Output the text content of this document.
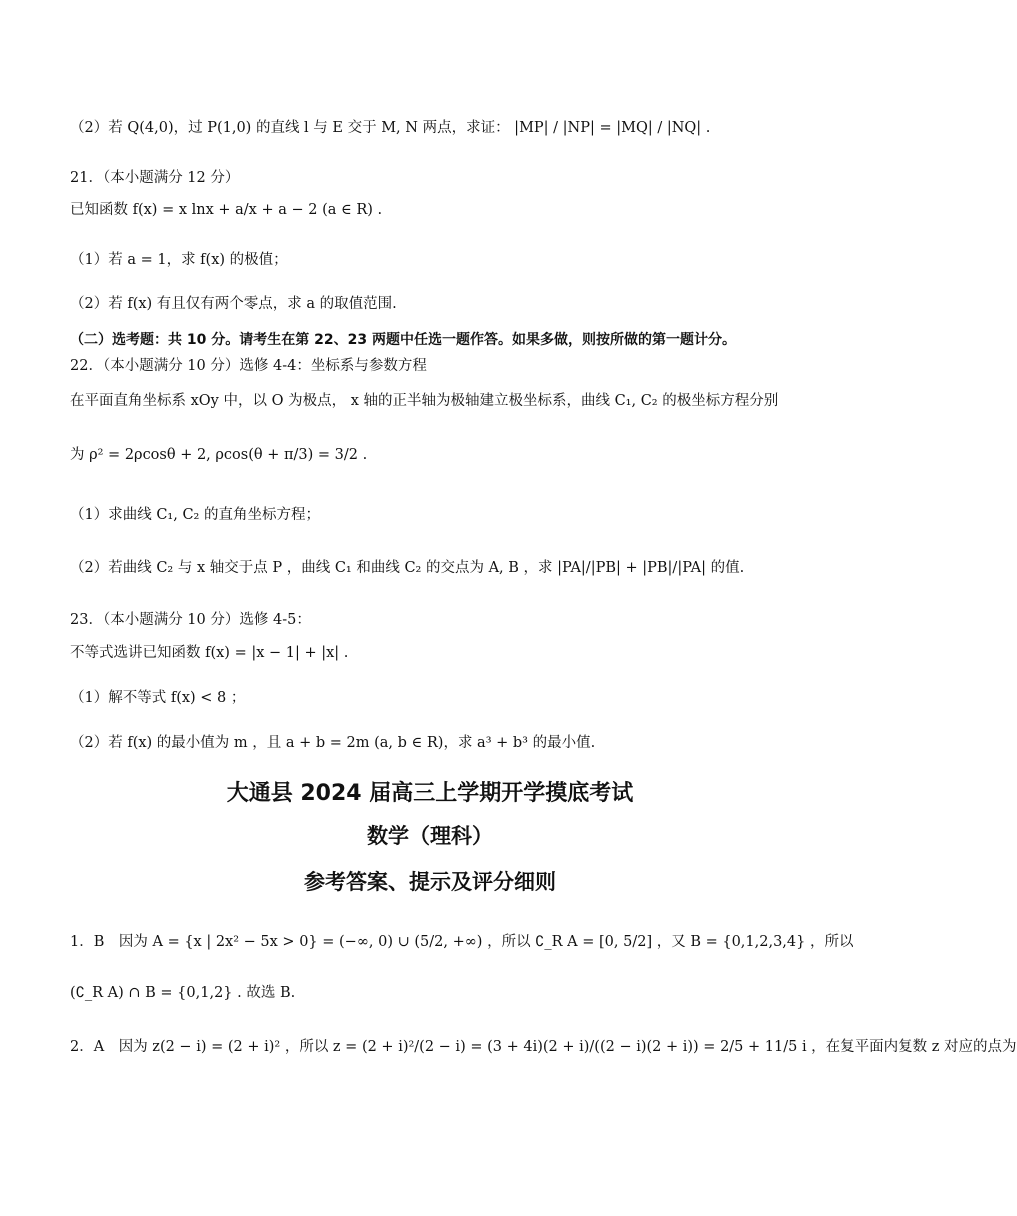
（2）若 Q(4,0)，过 P(1,0) 的直线 l 与 E 交于 M, N 两点，求证： |MP| / |NP| = |MQ| / |NQ| .
21．（本小题满分 12 分）
已知函数 f(x) = x lnx + a/x + a − 2 (a ∈ R) .
（1）若 a = 1，求 f(x) 的极值；
（2）若 f(x) 有且仅有两个零点，求 a 的取值范围.
（二）选考题：共 10 分。请考生在第 22、23 两题中任选一题作答。如果多做，则按所做的第一题计分。
22．（本小题满分 10 分）选修 4-4：坐标系与参数方程
在平面直角坐标系 xOy 中，以 O 为极点， x 轴的正半轴为极轴建立极坐标系，曲线 C₁, C₂ 的极坐标方程分别
为 ρ² = 2ρcosθ + 2, ρcos(θ + π/3) = 3/2 .
（1）求曲线 C₁, C₂ 的直角坐标方程；
（2）若曲线 C₂ 与 x 轴交于点 P ，曲线 C₁ 和曲线 C₂ 的交点为 A, B ，求 |PA|/|PB| + |PB|/|PA| 的值.
23．（本小题满分 10 分）选修 4-5：
不等式选讲已知函数 f(x) = |x − 1| + |x| .
（1）解不等式 f(x) < 8 ；
（2）若 f(x) 的最小值为 m ，且 a + b = 2m (a, b ∈ R)，求 a³ + b³ 的最小值.
大通县 2024 届高三上学期开学摸底考试
数学（理科）
参考答案、提示及评分细则
1．B　因为 A = {x | 2x² − 5x > 0} = (−∞, 0) ∪ (5/2, +∞) ，所以 ∁_R A = [0, 5/2] ，又 B = {0,1,2,3,4} ，所以
(∁_R A) ∩ B = {0,1,2} . 故选 B.
2．A　因为 z(2 − i) = (2 + i)² ，所以 z = (2 + i)²/(2 − i) = (3 + 4i)(2 + i)/((2 − i)(2 + i)) = 2/5 + 11/5 i ，在复平面内复数 z 对应的点为
